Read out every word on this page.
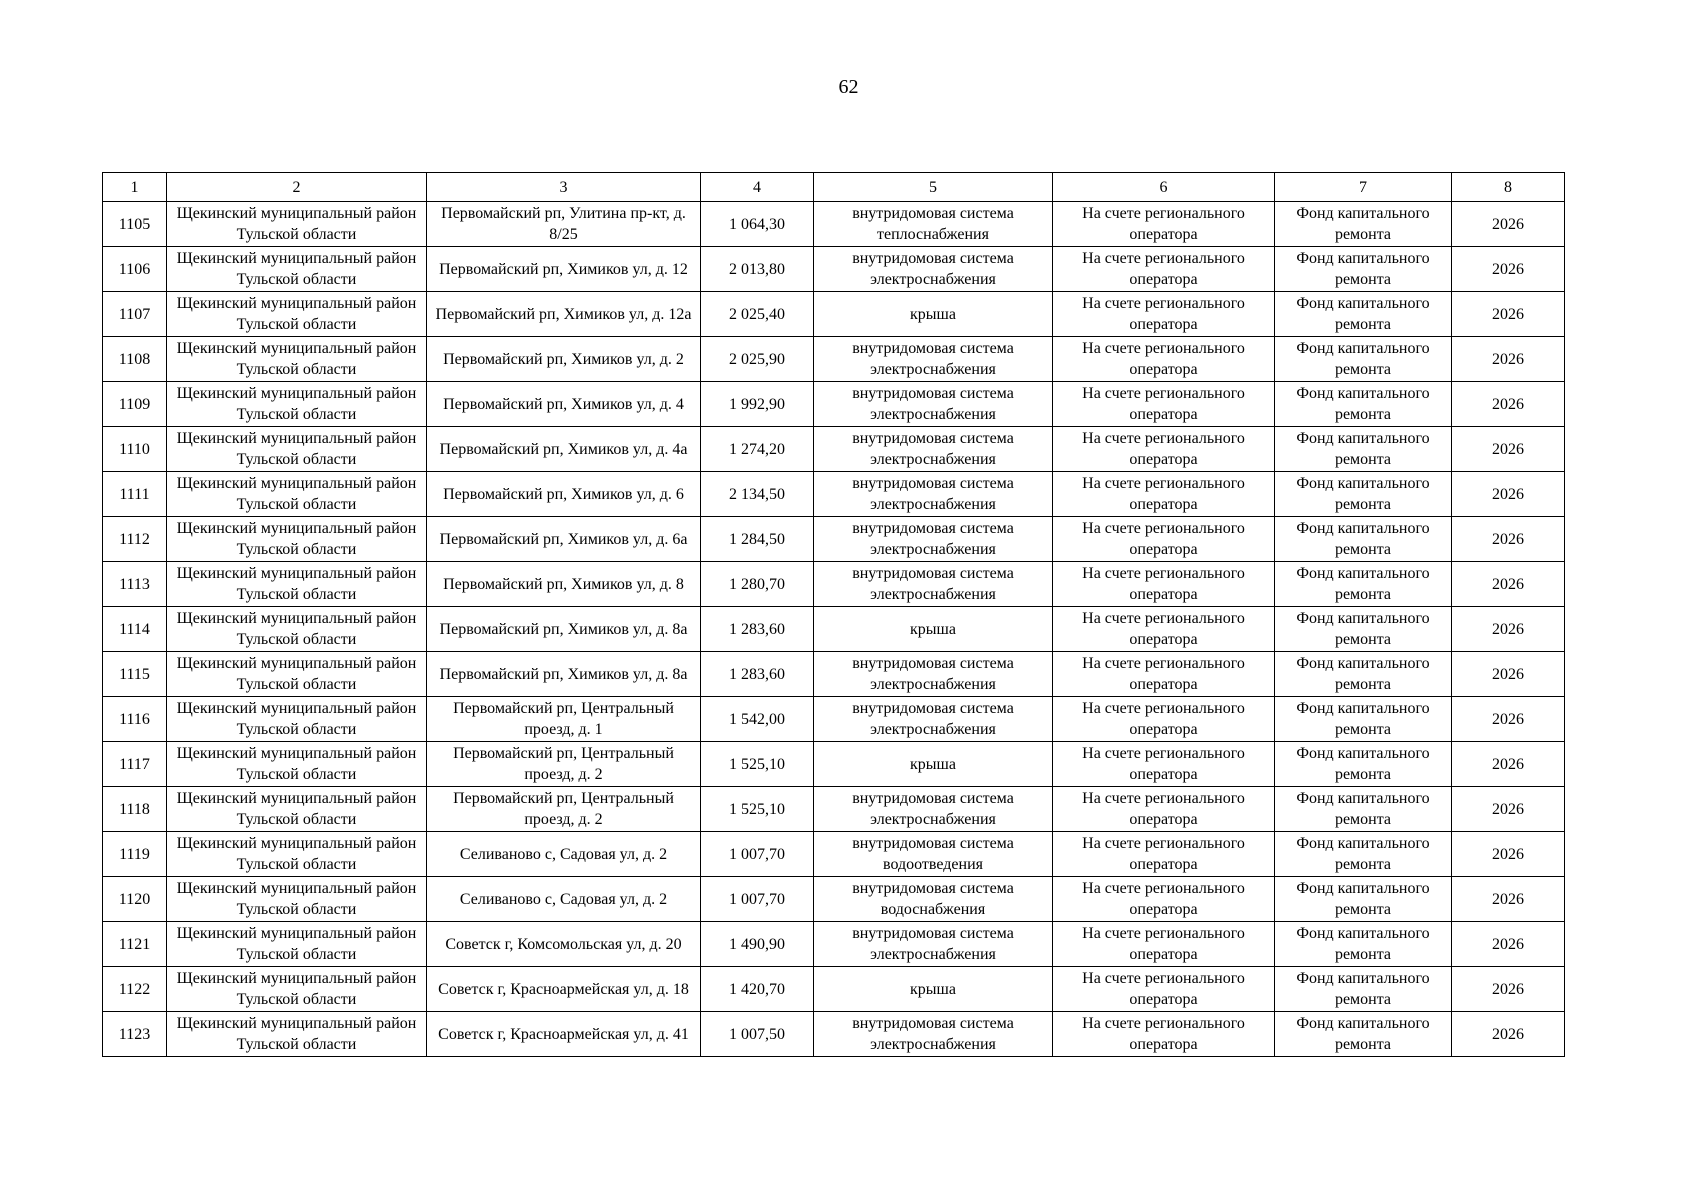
62
1	2	3	4	5	6	7	8
1105	Щекинский муниципальный район Тульской области	Первомайский рп, Улитина пр-кт, д. 8/25	1 064,30	внутридомовая система теплоснабжения	На счете регионального оператора	Фонд капитального ремонта	2026
1106	Щекинский муниципальный район Тульской области	Первомайский рп, Химиков ул, д. 12	2 013,80	внутридомовая система электроснабжения	На счете регионального оператора	Фонд капитального ремонта	2026
1107	Щекинский муниципальный район Тульской области	Первомайский рп, Химиков ул, д. 12а	2 025,40	крыша	На счете регионального оператора	Фонд капитального ремонта	2026
1108	Щекинский муниципальный район Тульской области	Первомайский рп, Химиков ул, д. 2	2 025,90	внутридомовая система электроснабжения	На счете регионального оператора	Фонд капитального ремонта	2026
1109	Щекинский муниципальный район Тульской области	Первомайский рп, Химиков ул, д. 4	1 992,90	внутридомовая система электроснабжения	На счете регионального оператора	Фонд капитального ремонта	2026
1110	Щекинский муниципальный район Тульской области	Первомайский рп, Химиков ул, д. 4а	1 274,20	внутридомовая система электроснабжения	На счете регионального оператора	Фонд капитального ремонта	2026
1111	Щекинский муниципальный район Тульской области	Первомайский рп, Химиков ул, д. 6	2 134,50	внутридомовая система электроснабжения	На счете регионального оператора	Фонд капитального ремонта	2026
1112	Щекинский муниципальный район Тульской области	Первомайский рп, Химиков ул, д. 6а	1 284,50	внутридомовая система электроснабжения	На счете регионального оператора	Фонд капитального ремонта	2026
1113	Щекинский муниципальный район Тульской области	Первомайский рп, Химиков ул, д. 8	1 280,70	внутридомовая система электроснабжения	На счете регионального оператора	Фонд капитального ремонта	2026
1114	Щекинский муниципальный район Тульской области	Первомайский рп, Химиков ул, д. 8а	1 283,60	крыша	На счете регионального оператора	Фонд капитального ремонта	2026
1115	Щекинский муниципальный район Тульской области	Первомайский рп, Химиков ул, д. 8а	1 283,60	внутридомовая система электроснабжения	На счете регионального оператора	Фонд капитального ремонта	2026
1116	Щекинский муниципальный район Тульской области	Первомайский рп, Центральный проезд, д. 1	1 542,00	внутридомовая система электроснабжения	На счете регионального оператора	Фонд капитального ремонта	2026
1117	Щекинский муниципальный район Тульской области	Первомайский рп, Центральный проезд, д. 2	1 525,10	крыша	На счете регионального оператора	Фонд капитального ремонта	2026
1118	Щекинский муниципальный район Тульской области	Первомайский рп, Центральный проезд, д. 2	1 525,10	внутридомовая система электроснабжения	На счете регионального оператора	Фонд капитального ремонта	2026
1119	Щекинский муниципальный район Тульской области	Селиваново с, Садовая ул, д. 2	1 007,70	внутридомовая система водоотведения	На счете регионального оператора	Фонд капитального ремонта	2026
1120	Щекинский муниципальный район Тульской области	Селиваново с, Садовая ул, д. 2	1 007,70	внутридомовая система водоснабжения	На счете регионального оператора	Фонд капитального ремонта	2026
1121	Щекинский муниципальный район Тульской области	Советск г, Комсомольская ул, д. 20	1 490,90	внутридомовая система электроснабжения	На счете регионального оператора	Фонд капитального ремонта	2026
1122	Щекинский муниципальный район Тульской области	Советск г, Красноармейская ул, д. 18	1 420,70	крыша	На счете регионального оператора	Фонд капитального ремонта	2026
1123	Щекинский муниципальный район Тульской области	Советск г, Красноармейская ул, д. 41	1 007,50	внутридомовая система электроснабжения	На счете регионального оператора	Фонд капитального ремонта	2026
